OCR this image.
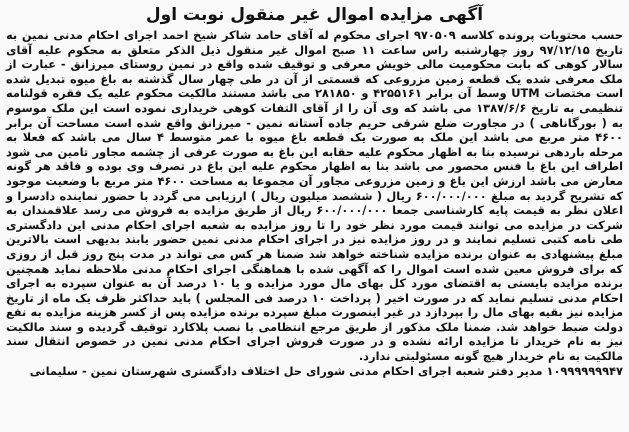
آگهی مزایده اموال غیر منقول نوبت اول

حسب محتویات پرونده کلاسه ۹۷۰۵۰۹ اجرای محکوم له آقای حامد شاکر شیخ احمد اجرای احکام مدنی نمین به تاریخ ۹۷/۱۲/۱۵ روز چهارشنبه راس ساعت ۱۱ صبح اموال غیر منقول ذیل الذکر متعلق به محکوم علیه آقای سالار کوهی که بابت محکومیت مالی خویش معرفی و توقیف شده واقع در نمین روستای میرزانق - عبارت از ملک معرفی شده یک قطعه زمین مزروعی که قسمتی از آن در طی چهار سال گذشته به باغ میوه تبدیل شده است مختصات UTM وسط آن برابر ۴۲۵۵۱۶۱ و ۲۸۱۸۵۰ می باشد مستند مالکیت محکوم علیه یک فقره قولنامه تنظیمی به تاریخ ۱۳۸۷/۶/۶ می باشد که وی آن را از آقای التفات کوهی خریداری نموده است این ملک موسوم به ( بورگاناهی ) در مجاورت ضلع شرقی حریم جاده آستانه نمین - میرزانق واقع شده است مساحت آن برابر ۴۶۰۰ متر مربع می باشد این ملک به صورت یک قطعه باغ میوه با عمر متوسط ۴ سال می باشد که فعلا به مرحله باردهی نرسیده بنا به اظهار محکوم علیه حقابه این باغ به صورت عرفی از چشمه مجاور تامین می شود اطراف این باغ با فنس محصور می باشد بنا به اظهار محکوم علیه این باغ در تصرف وی بوده و فاقد هر گونه معارض می باشد ارزش این باغ و زمین مزروعی مجاور آن مجموعا به مساحت ۴۶۰۰ متر مربع با وضعیت موجود که تشریح گردید به مبلغ ۶۰۰/۰۰۰/۰۰۰ ریال ( ششصد میلیون ریال ) ارزیابی می گردد با حضور نماینده دادسرا و اعلان نظر به قیمت پایه کارشناسی جمعا ۶۰۰/۰۰۰/۰۰۰ ریال از طریق مزایده به فروش می رسد علاقمندان به شرکت در مزایده می توانند قیمت مورد نظر خود را تا روز مزایده به شعبه اجرای احکام مدنی این دادگستری طی نامه کتبی تسلیم نمایند و در روز مزایده نیز در اجرای احکام مدنی نمین حضور یابند بدیهی است بالاترین مبلغ پیشنهادی به عنوان برنده مزایده شناخته خواهد شد ضمنا هر کس می تواند در مدت پنج روز قبل از روزی که برای فروش معین شده است اموال را که آگهی شده با هماهنگی اجرای احکام مدنی ملاحظه نماید همچنین برنده مزایده بایستی به اقتضای مورد کل بهای مال مورد مزایده و یا ۱۰ درصد آن به عنوان سپرده به اجرای احکام مدنی تسلیم نماید که در صورت اخیر ( پرداخت ۱۰ درصد فی المجلس ) باید حداکثر ظرف یک ماه از تاریخ مزایده نیز بقیه بهای مال را بپردازد در غیر اینصورت مبلغ سپرده برنده مزایده پس از کسر هزینه مزایده به نفع دولت ضبط خواهد شد. ضمنا ملک مذکور از طریق مرجع انتظامی با نصب پلاکارد توقیف گردیده و سند مالکیت نیز به نام خریدار تا مزایده ارائه نشده و در صورت فروش اجرای احکام مدنی نمین در خصوص انتقال سند مالکیت به نام خریدار هیچ گونه مسئولیتی ندارد.

۱۰۹۹۹۹۹۹۹۴۷ مدیر دفتر شعبه اجرای احکام مدنی شورای حل اختلاف دادگستری شهرستان نمین - سلیمانی
